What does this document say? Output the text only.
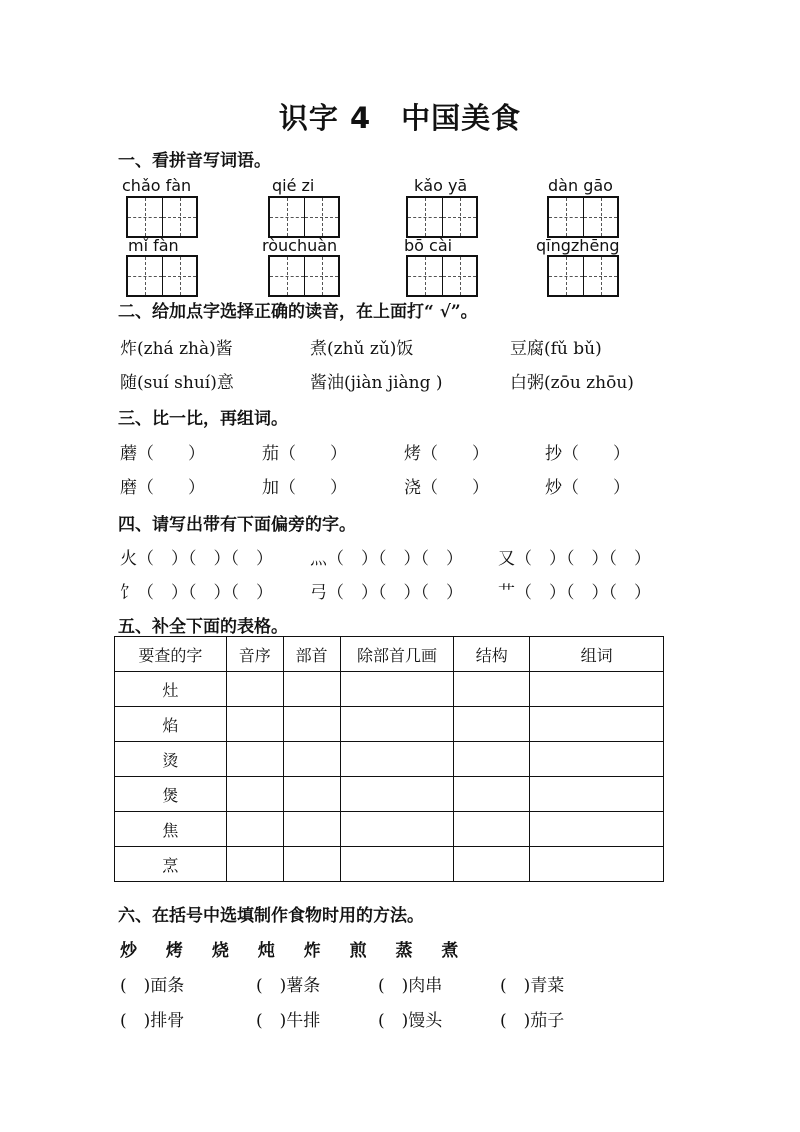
识字 4　中国美食
一、看拼音写词语。
chǎo fàn	qié zi	kǎo yā	dàn gāo
mǐ fàn	ròuchuàn	bō cài	qīngzhēng
二、给加点字选择正确的读音，在上面打“ √”。
炸(zhá zhà)酱	煮(zhǔ zǔ)饭	豆腐(fǔ bǔ)
随(suí shuí)意	酱油(jiàn jiàng )	白粥(zōu zhōu)
三、比一比，再组词。
蘑（　　）	茄（　　）	烤（　　）	抄（　　）
磨（　　）	加（　　）	浇（　　）	炒（　　）
四、请写出带有下面偏旁的字。
火（　）（　）（　） 灬（　）（　）（　） 又（　）（　）（　）
饣（　）（　）（　） 弓（　）（　）（　） 艹（　）（　）（　）
五、补全下面的表格。
要查的字	音序	部首	除部首几画	结构	组词
灶					
焰					
烫					
煲					
焦					
烹					
六、在括号中选填制作食物时用的方法。
炒　 烤　 烧　 炖　 炸　 煎　 蒸　 煮
(　)面条	(　)薯条	(　)肉串	(　)青菜
(　)排骨	(　)牛排	(　)馒头	(　)茄子
